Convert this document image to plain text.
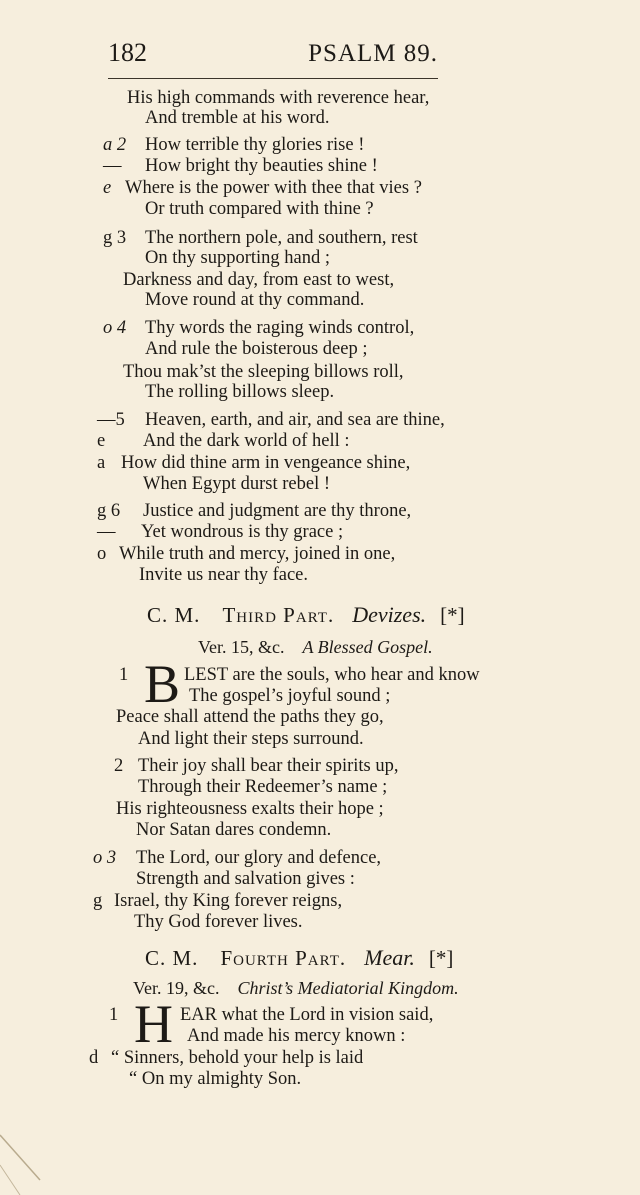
182	PSALM 89.
His high commands with reverence hear,
And tremble at his word.
a 2 How terrible thy glories rise !
— How bright thy beauties shine !
e Where is the power with thee that vies ?
Or truth compared with thine ?
g 3 The northern pole, and southern, rest
On thy supporting hand ;
Darkness and day, from east to west,
Move round at thy command.
o 4 Thy words the raging winds control,
And rule the boisterous deep ;
Thou mak’st the sleeping billows roll,
The rolling billows sleep.
—5 Heaven, earth, and air, and sea are thine,
e And the dark world of hell :
a How did thine arm in vengeance shine,
When Egypt durst rebel !
g 6 Justice and judgment are thy throne,
— Yet wondrous is thy grace ;
o While truth and mercy, joined in one,
Invite us near thy face.
C. M. Third Part. Devizes. [*]
Ver. 15, &c. A Blessed Gospel.
1 B LEST are the souls, who hear and know
The gospel’s joyful sound ;
Peace shall attend the paths they go,
And light their steps surround.
2 Their joy shall bear their spirits up,
Through their Redeemer’s name ;
His righteousness exalts their hope ;
Nor Satan dares condemn.
o 3 The Lord, our glory and defence,
Strength and salvation gives :
g Israel, thy King forever reigns,
Thy God forever lives.
C. M. Fourth Part. Mear. [*]
Ver. 19, &c. Christ’s Mediatorial Kingdom.
1 H EAR what the Lord in vision said,
And made his mercy known :
d “ Sinners, behold your help is laid
“ On my almighty Son.
